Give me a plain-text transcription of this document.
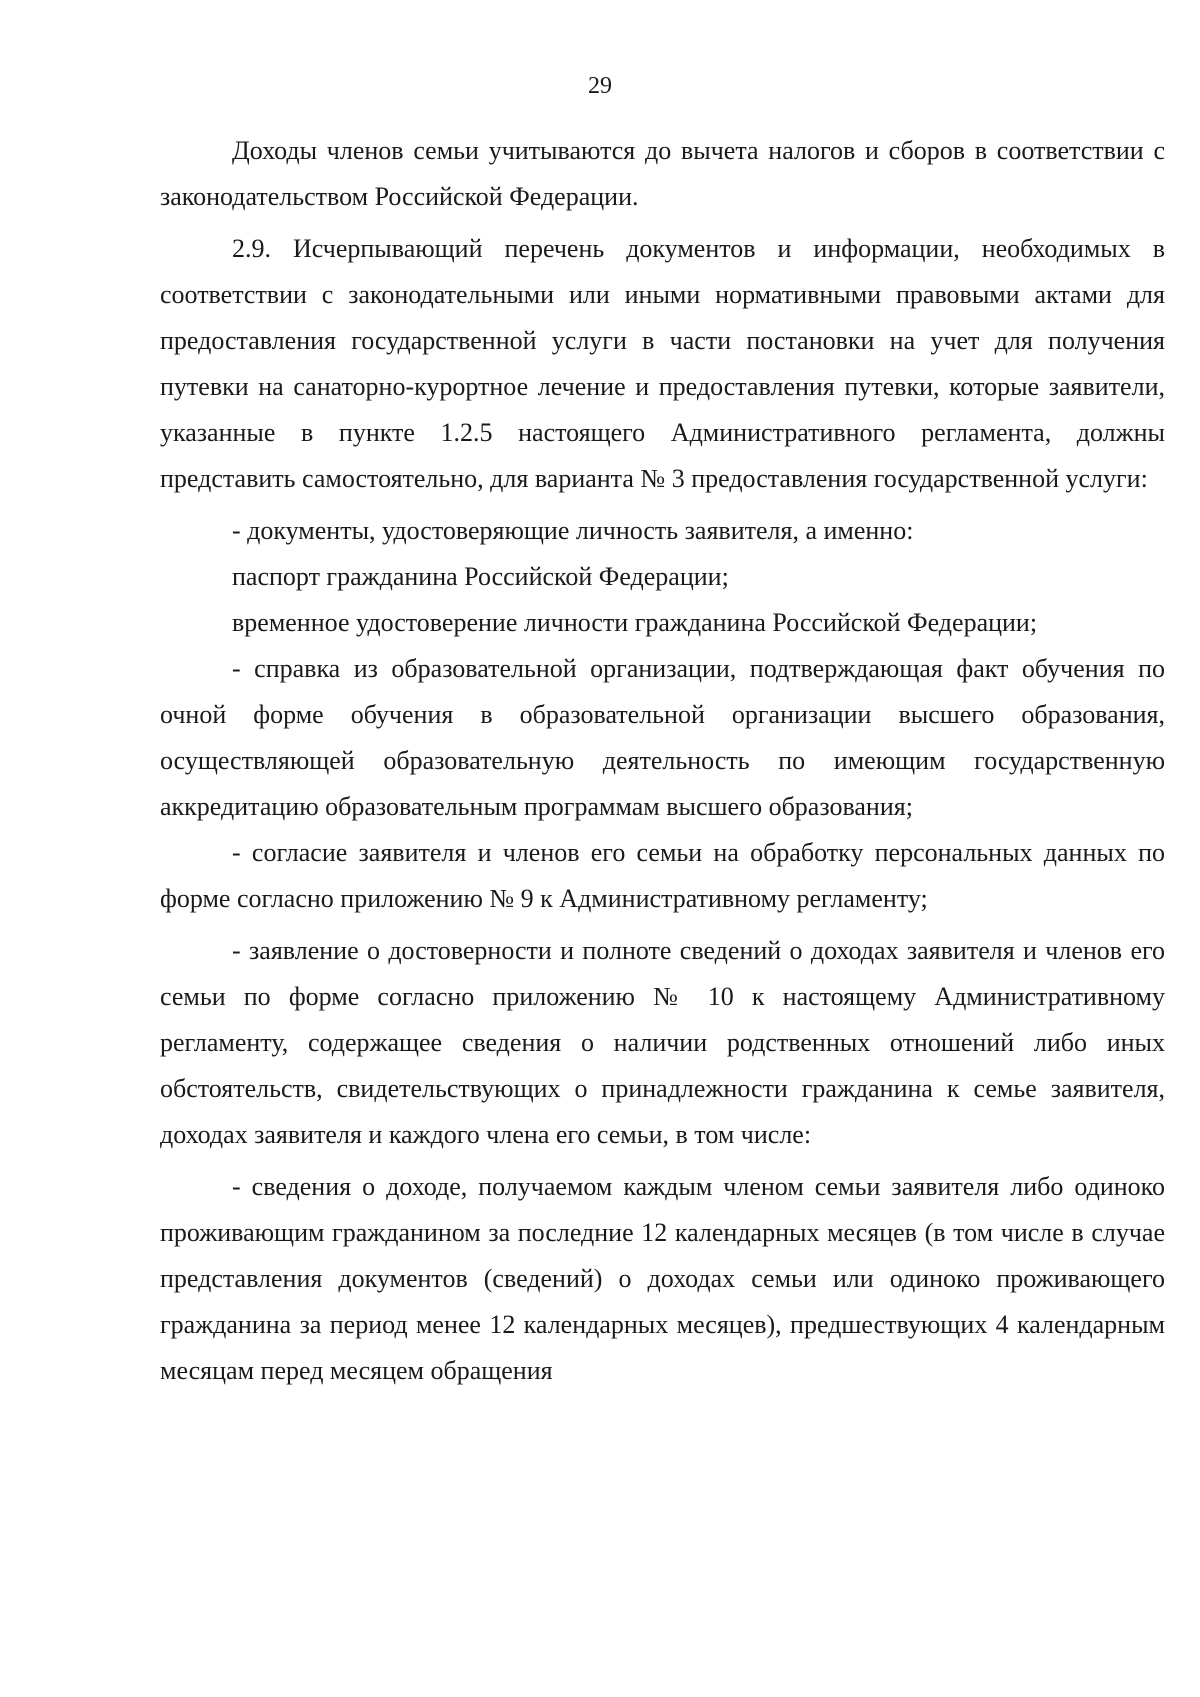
29

Доходы членов семьи учитываются до вычета налогов и сборов в соответствии с законодательством Российской Федерации.

2.9. Исчерпывающий перечень документов и информации, необходимых в соответствии с законодательными или иными нормативными правовыми актами для предоставления государственной услуги в части постановки на учет для получения путевки на санаторно-курортное лечение и предоставления путевки, которые заявители, указанные в пункте 1.2.5 настоящего Административного регламента, должны представить самостоятельно, для варианта № 3 предоставления государственной услуги:

- документы, удостоверяющие личность заявителя, а именно:

паспорт гражданина Российской Федерации;

временное удостоверение личности гражданина Российской Федерации;

- справка из образовательной организации, подтверждающая факт обучения по очной форме обучения в образовательной организации высшего образования, осуществляющей образовательную деятельность по имеющим государственную аккредитацию образовательным программам высшего образования;

- согласие заявителя и членов его семьи на обработку персональных данных по форме согласно приложению № 9 к Административному регламенту;

- заявление о достоверности и полноте сведений о доходах заявителя и членов его семьи по форме согласно приложению № 10 к настоящему Административному регламенту, содержащее сведения о наличии родственных отношений либо иных обстоятельств, свидетельствующих о принадлежности гражданина к семье заявителя, доходах заявителя и каждого члена его семьи, в том числе:

- сведения о доходе, получаемом каждым членом семьи заявителя либо одиноко проживающим гражданином за последние 12 календарных месяцев (в том числе в случае представления документов (сведений) о доходах семьи или одиноко проживающего гражданина за период менее 12 календарных месяцев), предшествующих 4 календарным месяцам перед месяцем обращения
